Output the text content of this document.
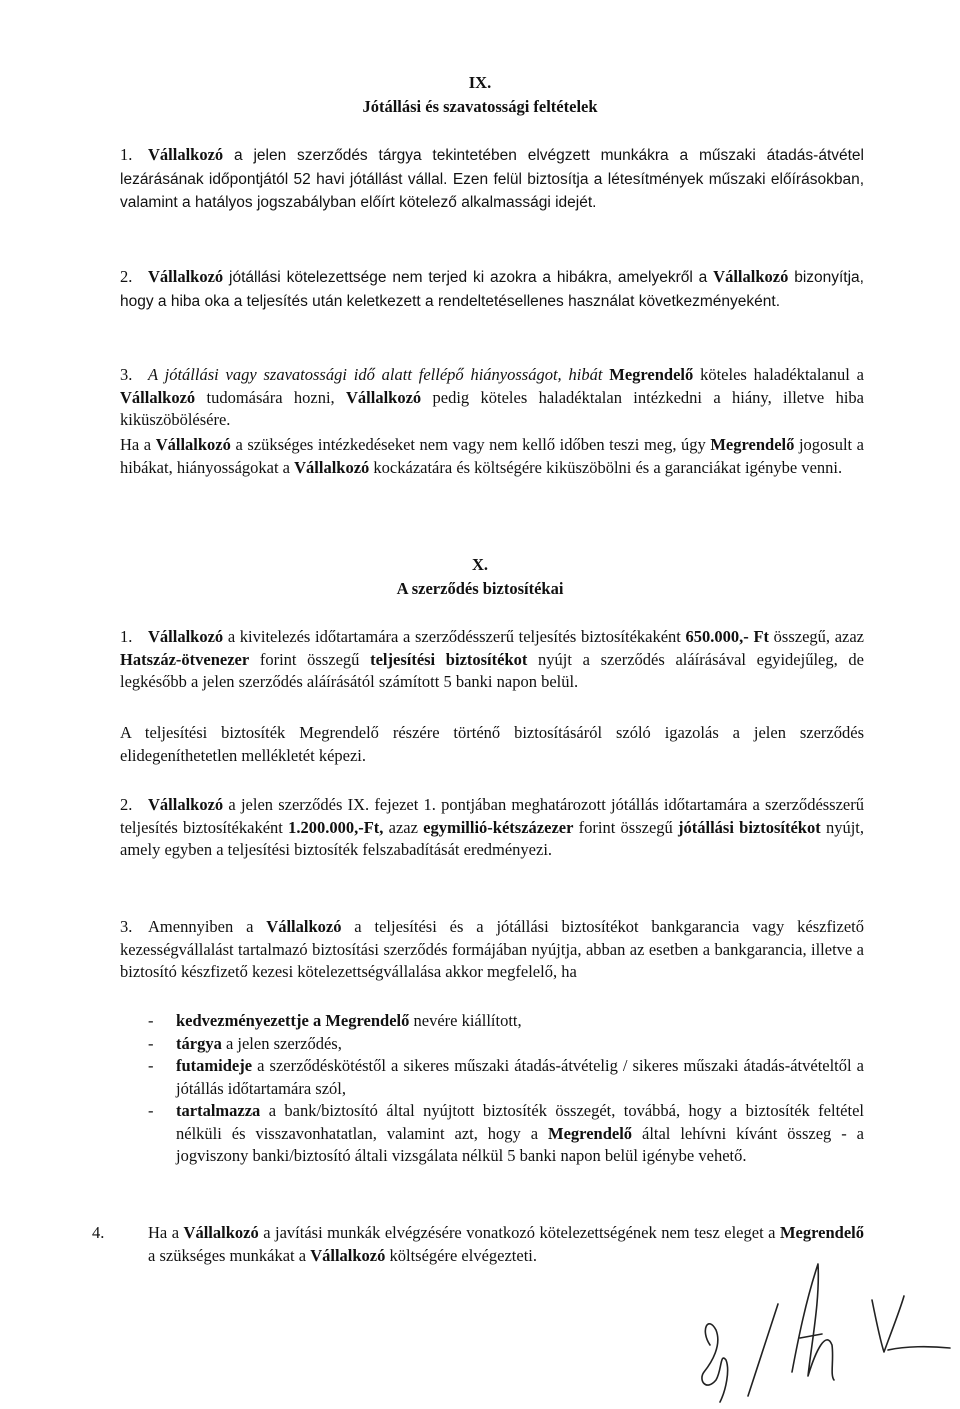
IX.
Jótállási és szavatossági feltételek
1. Vállalkozó a jelen szerződés tárgya tekintetében elvégzett munkákra a műszaki átadás-átvétel lezárásának időpontjától 52 havi jótállást vállal. Ezen felül biztosítja a létesítmények műszaki előírásokban, valamint a hatályos jogszabályban előírt kötelező alkalmassági idejét.
2. Vállalkozó jótállási kötelezettsége nem terjed ki azokra a hibákra, amelyekről a Vállalkozó bizonyítja, hogy a hiba oka a teljesítés után keletkezett a rendeltetésellenes használat következményeként.
3. A jótállási vagy szavatossági idő alatt fellépő hiányosságot, hibát Megrendelő köteles haladéktalanul a Vállalkozó tudomására hozni, Vállalkozó pedig köteles haladéktalan intézkedni a hiány, illetve hiba kiküszöbölésére.
Ha a Vállalkozó a szükséges intézkedéseket nem vagy nem kellő időben teszi meg, úgy Megrendelő jogosult a hibákat, hiányosságokat a Vállalkozó kockázatára és költségére kiküszöbölni és a garanciákat igénybe venni.
X.
A szerződés biztosítékai
1. Vállalkozó a kivitelezés időtartamára a szerződésszerű teljesítés biztosítékaként 650.000,- Ft összegű, azaz Hatszáz-ötvenezer forint összegű teljesítési biztosítékot nyújt a szerződés aláírásával egyidejűleg, de legkésőbb a jelen szerződés aláírásától számított 5 banki napon belül.
A teljesítési biztosíték Megrendelő részére történő biztosításáról szóló igazolás a jelen szerződés elidegeníthetetlen mellékletét képezi.
2. Vállalkozó a jelen szerződés IX. fejezet 1. pontjában meghatározott jótállás időtartamára a szerződésszerű teljesítés biztosítékaként 1.200.000,-Ft, azaz egymillió-kétszázezer forint összegű jótállási biztosítékot nyújt, amely egyben a teljesítési biztosíték felszabadítását eredményezi.
3. Amennyiben a Vállalkozó a teljesítési és a jótállási biztosítékot bankgarancia vagy készfizető kezességvállalást tartalmazó biztosítási szerződés formájában nyújtja, abban az esetben a bankgarancia, illetve a biztosító készfizető kezesi kötelezettségvállalása akkor megfelelő, ha
- kedvezményezettje a Megrendelő nevére kiállított,
- tárgya a jelen szerződés,
- futamideje a szerződéskötéstől a sikeres műszaki átadás-átvételig / sikeres műszaki átadás-átvételtől a jótállás időtartamára szól,
- tartalmazza a bank/biztosító által nyújtott biztosíték összegét, továbbá, hogy a biztosíték feltétel nélküli és visszavonhatatlan, valamint azt, hogy a Megrendelő által lehívni kívánt összeg - a jogviszony banki/biztosító általi vizsgálata nélkül 5 banki napon belül igénybe vehető.
4.	Ha a Vállalkozó a javítási munkák elvégzésére vonatkozó kötelezettségének nem tesz eleget a Megrendelő a szükséges munkákat a Vállalkozó költségére elvégezteti.
